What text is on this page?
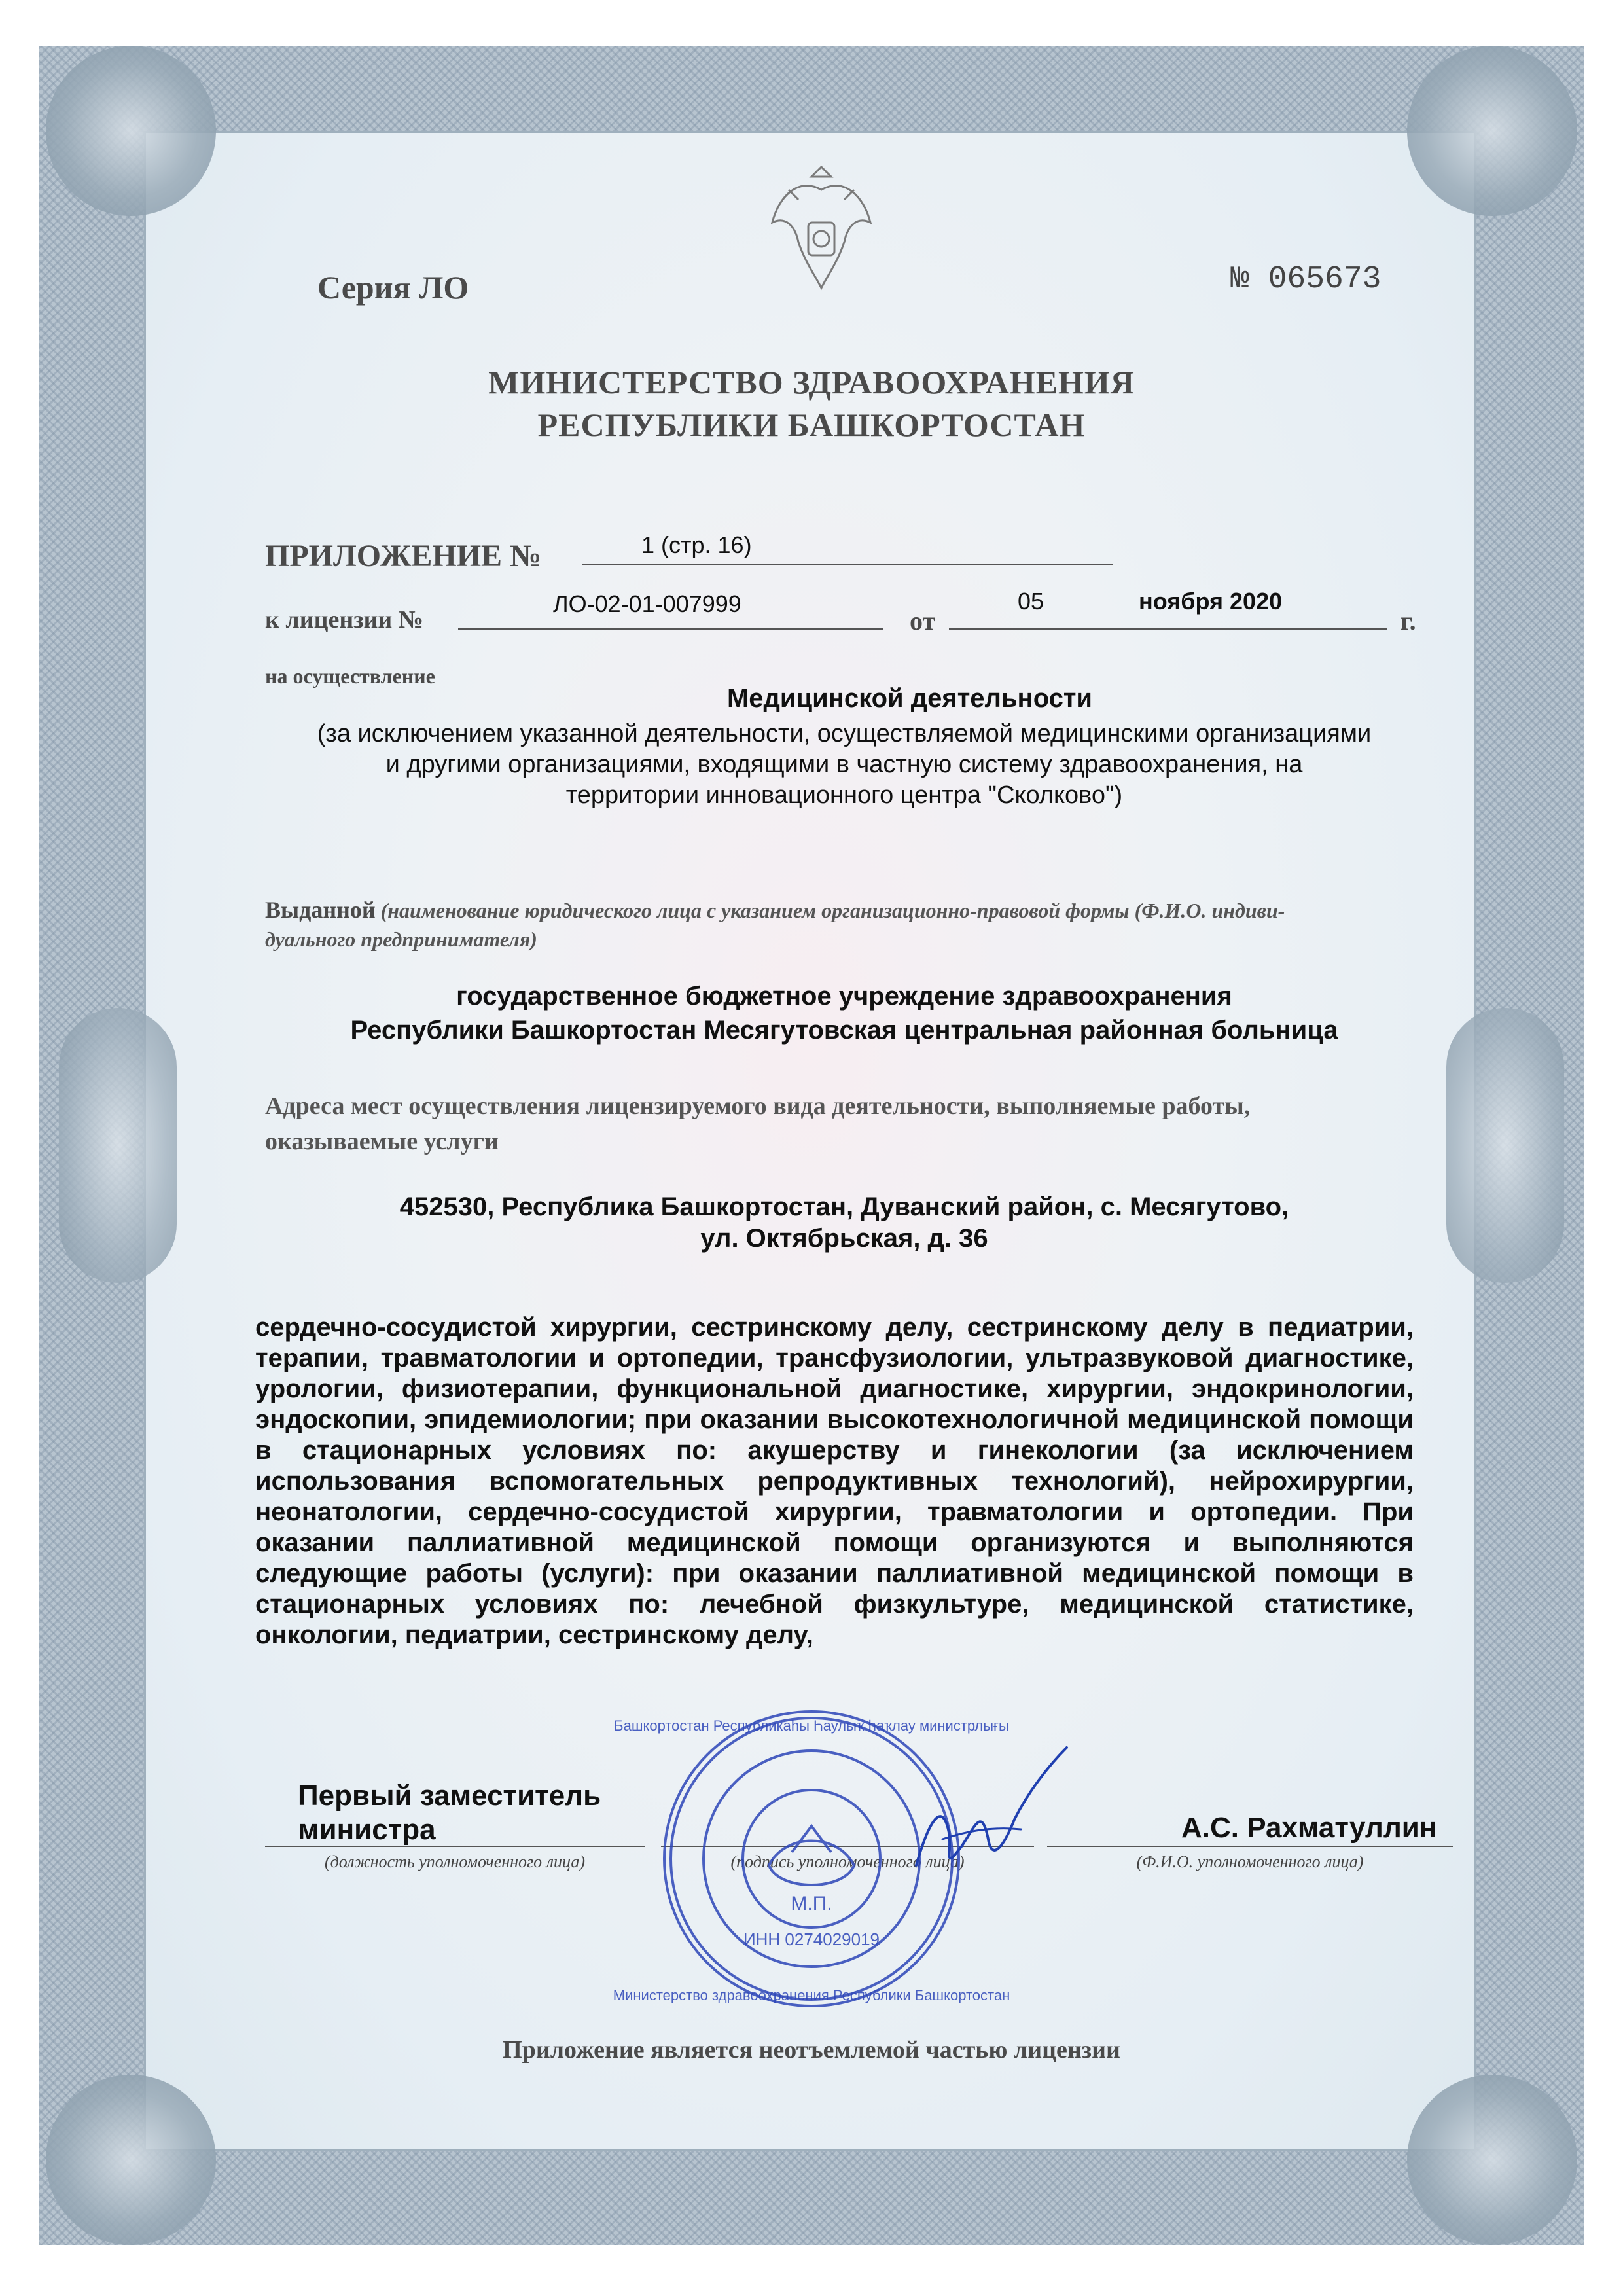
Серия ЛО	№ 065673
МИНИСТЕРСТВО ЗДРАВООХРАНЕНИЯ
РЕСПУБЛИКИ БАШКОРТОСТАН
ПРИЛОЖЕНИЕ №	1 (стр. 16)
к лицензии №
ЛО-02-01-007999
от
05	ноября 2020
г.
на осуществление
Медицинской деятельности
(за исключением указанной деятельности, осуществляемой медицинскими организациями
и другими организациями, входящими в частную систему здравоохранения, на
территории инновационного центра "Сколково")
Выданной (наименование юридического лица с указанием организационно-правовой формы (Ф.И.О. индиви-
дуального предпринимателя)
государственное бюджетное учреждение здравоохранения
Республики Башкортостан Месягутовская центральная районная больница
Адреса мест осуществления лицензируемого вида деятельности, выполняемые работы,
оказываемые услуги
452530, Республика Башкортостан, Дуванский район, с. Месягутово,
ул. Октябрьская, д. 36
сердечно-сосудистой хирургии, сестринскому делу, сестринскому делу в педиатрии, терапии, травматологии и ортопедии, трансфузиологии, ультразвуковой диагностике, урологии, физиотерапии, функциональной диагностике, хирургии, эндокринологии, эндоскопии, эпидемиологии; при оказании высокотехнологичной медицинской помощи в стационарных условиях по: акушерству и гинекологии (за исключением использования вспомогательных репродуктивных технологий), нейрохирургии, неонатологии, сердечно-сосудистой хирургии, травматологии и ортопедии. При оказании паллиативной медицинской помощи организуются и выполняются следующие работы (услуги): при оказании паллиативной медицинской помощи в стационарных условиях по: лечебной физкультуре, медицинской статистике, онкологии, педиатрии, сестринскому делу,
Первый заместитель
министра	А.С. Рахматуллин
(должность уполномоченного лица)	(подпись уполномоченного лица)	(Ф.И.О. уполномоченного лица)
Приложение является неотъемлемой частью лицензии
М.П.
ИНН 0274029019
Башкортостан Республикаhы Һаулыҡ һаҡлау министрлығы
Министерство здравоохранения Республики Башкортостан
